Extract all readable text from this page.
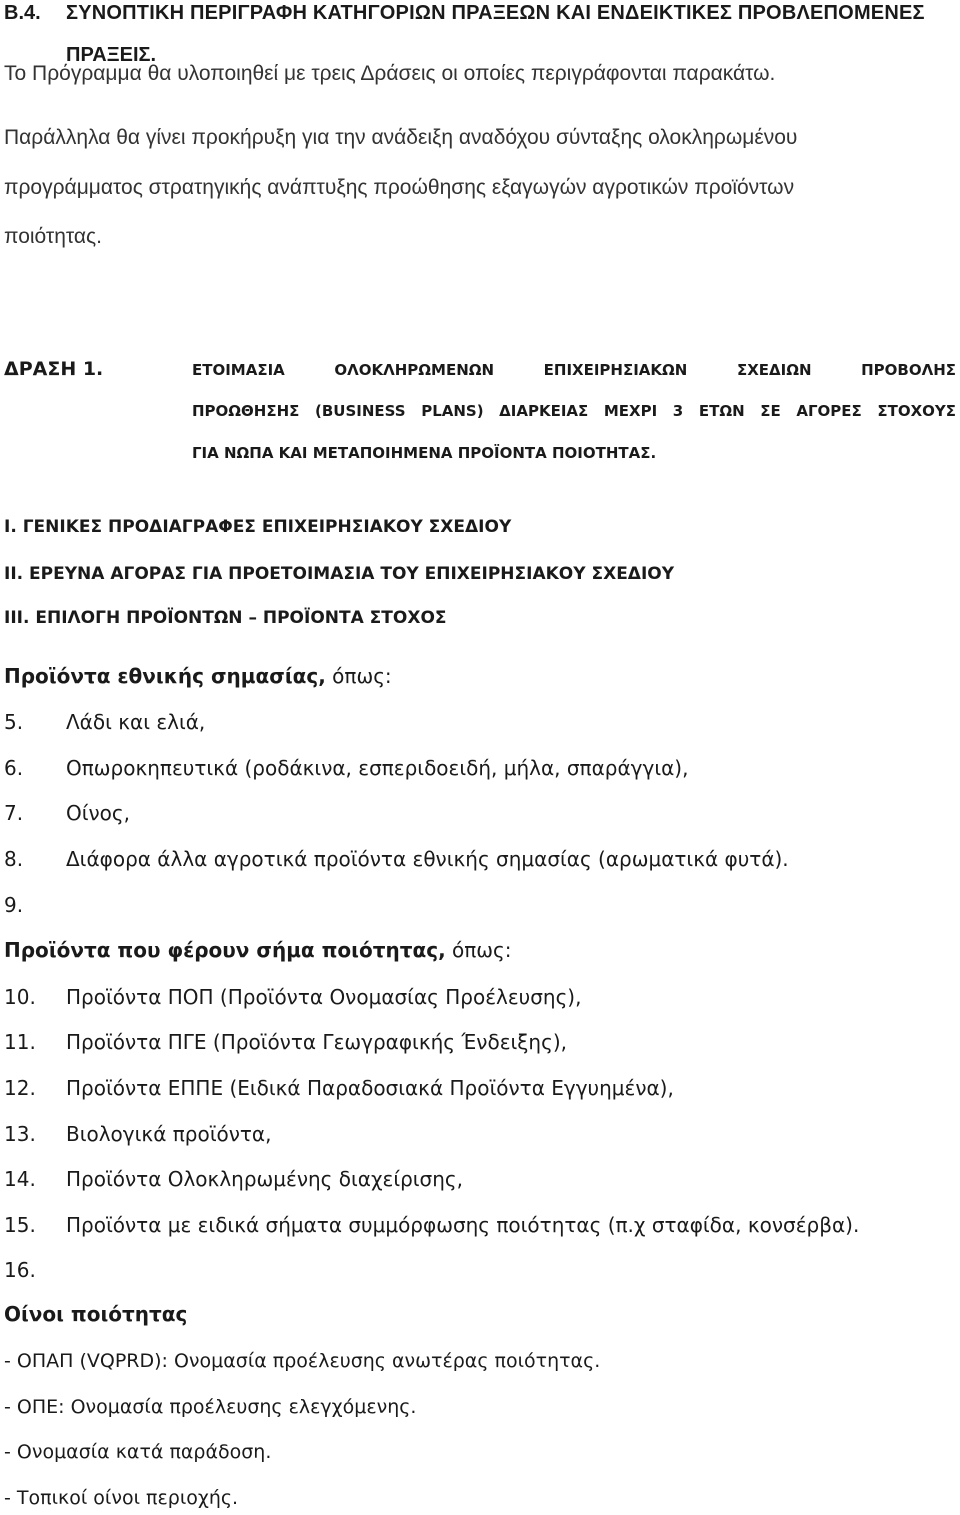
B.4. ΣΥΝΟΠΤΙΚΗ ΠΕΡΙΓΡΑΦΗ ΚΑΤΗΓΟΡΙΩΝ ΠΡΑΞΕΩΝ ΚΑΙ ΕΝΔΕΙΚΤΙΚΕΣ ΠΡΟΒΛΕΠΟΜΕΝΕΣ
ΠΡΑΞΕΙΣ.
Το Πρόγραμμα θα υλοποιηθεί με τρεις Δράσεις οι οποίες περιγράφονται παρακάτω.
Παράλληλα θα γίνει προκήρυξη για την ανάδειξη αναδόχου σύνταξης ολοκληρωμένου
προγράμματος στρατηγικής ανάπτυξης προώθησης εξαγωγών αγροτικών προϊόντων
ποιότητας.
ΔΡΑΣΗ 1.	ΕΤΟΙΜΑΣΙΑ ΟΛΟΚΛΗΡΩΜΕΝΩΝ ΕΠΙΧΕΙΡΗΣΙΑΚΩΝ ΣΧΕΔΙΩΝ ΠΡΟΒΟΛΗΣ
ΠΡΟΩΘΗΣΗΣ (BUSINESS PLANS) ΔΙΑΡΚΕΙΑΣ ΜΕΧΡΙ 3 ΕΤΩΝ ΣΕ ΑΓΟΡΕΣ ΣΤΟΧΟΥΣ
ΓΙΑ ΝΩΠΑ ΚΑΙ ΜΕΤΑΠΟΙΗΜΕΝΑ ΠΡΟΪΟΝΤΑ ΠΟΙΟΤΗΤΑΣ.
I. ΓΕΝΙΚΕΣ ΠΡΟΔΙΑΓΡΑΦΕΣ ΕΠΙΧΕΙΡΗΣΙΑΚΟΥ ΣΧΕΔΙΟΥ
II. ΕΡΕΥΝΑ ΑΓΟΡΑΣ ΓΙΑ ΠΡΟΕΤΟΙΜΑΣΙΑ ΤΟΥ ΕΠΙΧΕΙΡΗΣΙΑΚΟΥ ΣΧΕΔΙΟΥ
III. ΕΠΙΛΟΓΗ ΠΡΟΪΟΝΤΩΝ – ΠΡΟΪΟΝΤΑ ΣΤΟΧΟΣ
Προϊόντα εθνικής σημασίας, όπως:
5. Λάδι και ελιά,
6. Οπωροκηπευτικά (ροδάκινα, εσπεριδοειδή, μήλα, σπαράγγια),
7. Οίνος,
8. Διάφορα άλλα αγροτικά προϊόντα εθνικής σημασίας (αρωματικά φυτά).
9.
Προϊόντα που φέρουν σήμα ποιότητας, όπως:
10. Προϊόντα ΠΟΠ (Προϊόντα Ονομασίας Προέλευσης),
11. Προϊόντα ΠΓΕ (Προϊόντα Γεωγραφικής Ένδειξης),
12. Προϊόντα ΕΠΠΕ (Ειδικά Παραδοσιακά Προϊόντα Εγγυημένα),
13. Βιολογικά προϊόντα,
14. Προϊόντα Ολοκληρωμένης διαχείρισης,
15. Προϊόντα με ειδικά σήματα συμμόρφωσης ποιότητας (π.χ σταφίδα, κονσέρβα).
16.
Οίνοι ποιότητας
- ΟΠΑΠ (VQPRD): Ονομασία προέλευσης ανωτέρας ποιότητας.
- ΟΠΕ: Ονομασία προέλευσης ελεγχόμενης.
- Ονομασία κατά παράδοση.
- Τοπικοί οίνοι περιοχής.
